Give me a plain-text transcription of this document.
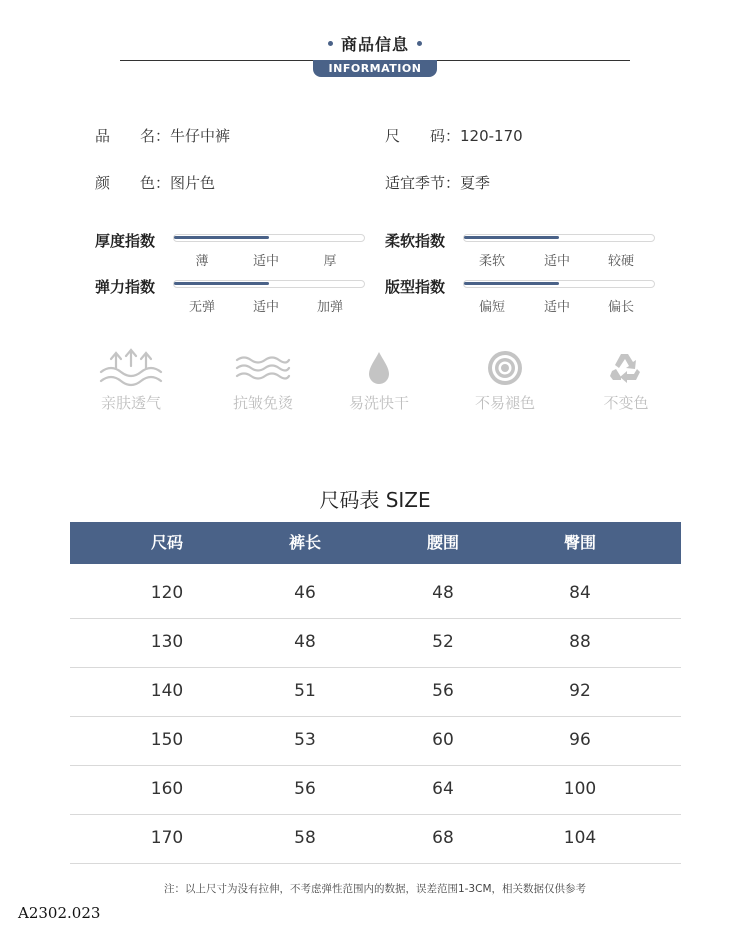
商品信息
INFORMATION
品　　名：牛仔中裤	尺　　码：120-170
颜　　色：图片色	适宜季节：夏季
厚度指数
薄	适中	厚
柔软指数
柔软	适中	较硬
弹力指数
无弹	适中	加弹
版型指数
偏短	适中	偏长
亲肤透气	抗皱免烫	易洗快干	不易褪色	不变色
尺码表 SIZE
尺码	裤长	腰围	臀围
120	46	48	84
130	48	52	88
140	51	56	92
150	53	60	96
160	56	64	100
170	58	68	104
注：以上尺寸为没有拉伸，不考虑弹性范围内的数据，误差范围1-3CM，相关数据仅供参考
A2302.023
